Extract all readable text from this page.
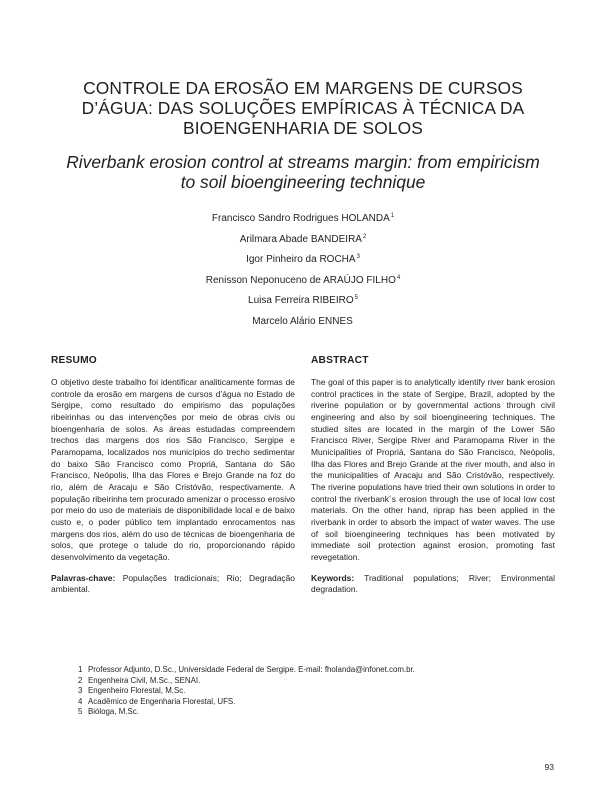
CONTROLE DA EROSÃO EM MARGENS DE CURSOS
D’ÁGUA: DAS SOLUÇÕES EMPÍRICAS À TÉCNICA DA
BIOENGENHARIA DE SOLOS
Riverbank erosion control at streams margin: from empiricism
to soil bioengineering technique
Francisco Sandro Rodrigues HOLANDA$^1$
Arilmara Abade BANDEIRA$^2$
Igor Pinheiro da ROCHA$^3$
Renisson Neponuceno de ARAÚJO FILHO$^4$
Luisa Ferreira RIBEIRO$^5$
Marcelo Alário ENNES
RESUMO

O objetivo deste trabalho foi identificar analiticamente formas de controle da erosão em margens de cursos d’água no Estado de Sergipe, como resultado do empirismo das populações ribeirinhas ou das intervenções por meio de obras civis ou bioengenharia de solos. As áreas estudadas compreendem trechos das margens dos rios São Francisco, Sergipe e Paramopama, localizados nos municípios do trecho sedimentar do baixo São Francisco como Propriá, Santana do São Francisco, Neópolis, Ilha das Flores e Brejo Grande na foz do rio, além de Aracaju e São Cristóvão, respectivamente. A população ribeirinha tem procurado amenizar o processo erosivo por meio do uso de materiais de disponibilidade local e de baixo custo e, o poder público tem implantado enrocamentos nas margens dos rios, além do uso de técnicas de bioengenharia de solos, que protege o talude do rio, proporcionando rápido desenvolvimento da vegetação.

Palavras-chave: Populações tradicionais; Rio; Degradação ambiental.

ABSTRACT

The goal of this paper is to analytically identify river bank erosion control practices in the state of Sergipe, Brazil, adopted by the riverine population or by governmental actions through civil engineering and also by soil bioengineering techniques. The studied sites are located in the margin of the Lower São Francisco River, Sergipe River and Paramopama River in the Municipalities of Propriá, Santana do São Francisco, Neópolis, Ilha das Flores and Brejo Grande at the river mouth, and also in the municipalities of Aracaju and São Cristóvão, respectively. The riverine populations have tried their own solutions in order to control the riverbank´s erosion through the use of local low cost materials. On the other hand, riprap has been applied in the riverbank in order to absorb the impact of water waves. The use of soil bioengineering techniques has been motivated by immediate soil protection against erosion, promoting fast revegetation.

Keywords: Traditional populations; River; Environmental degradation.

1 Professor Adjunto, D.Sc., Universidade Federal de Sergipe. E-mail: fholanda@infonet.com.br.
2 Engenheira Civil, M.Sc., SENAI.
3 Engenheiro Florestal, M.Sc.
4 Acadêmico de Engenharia Florestal, UFS.
5 Bióloga, M.Sc.
93
